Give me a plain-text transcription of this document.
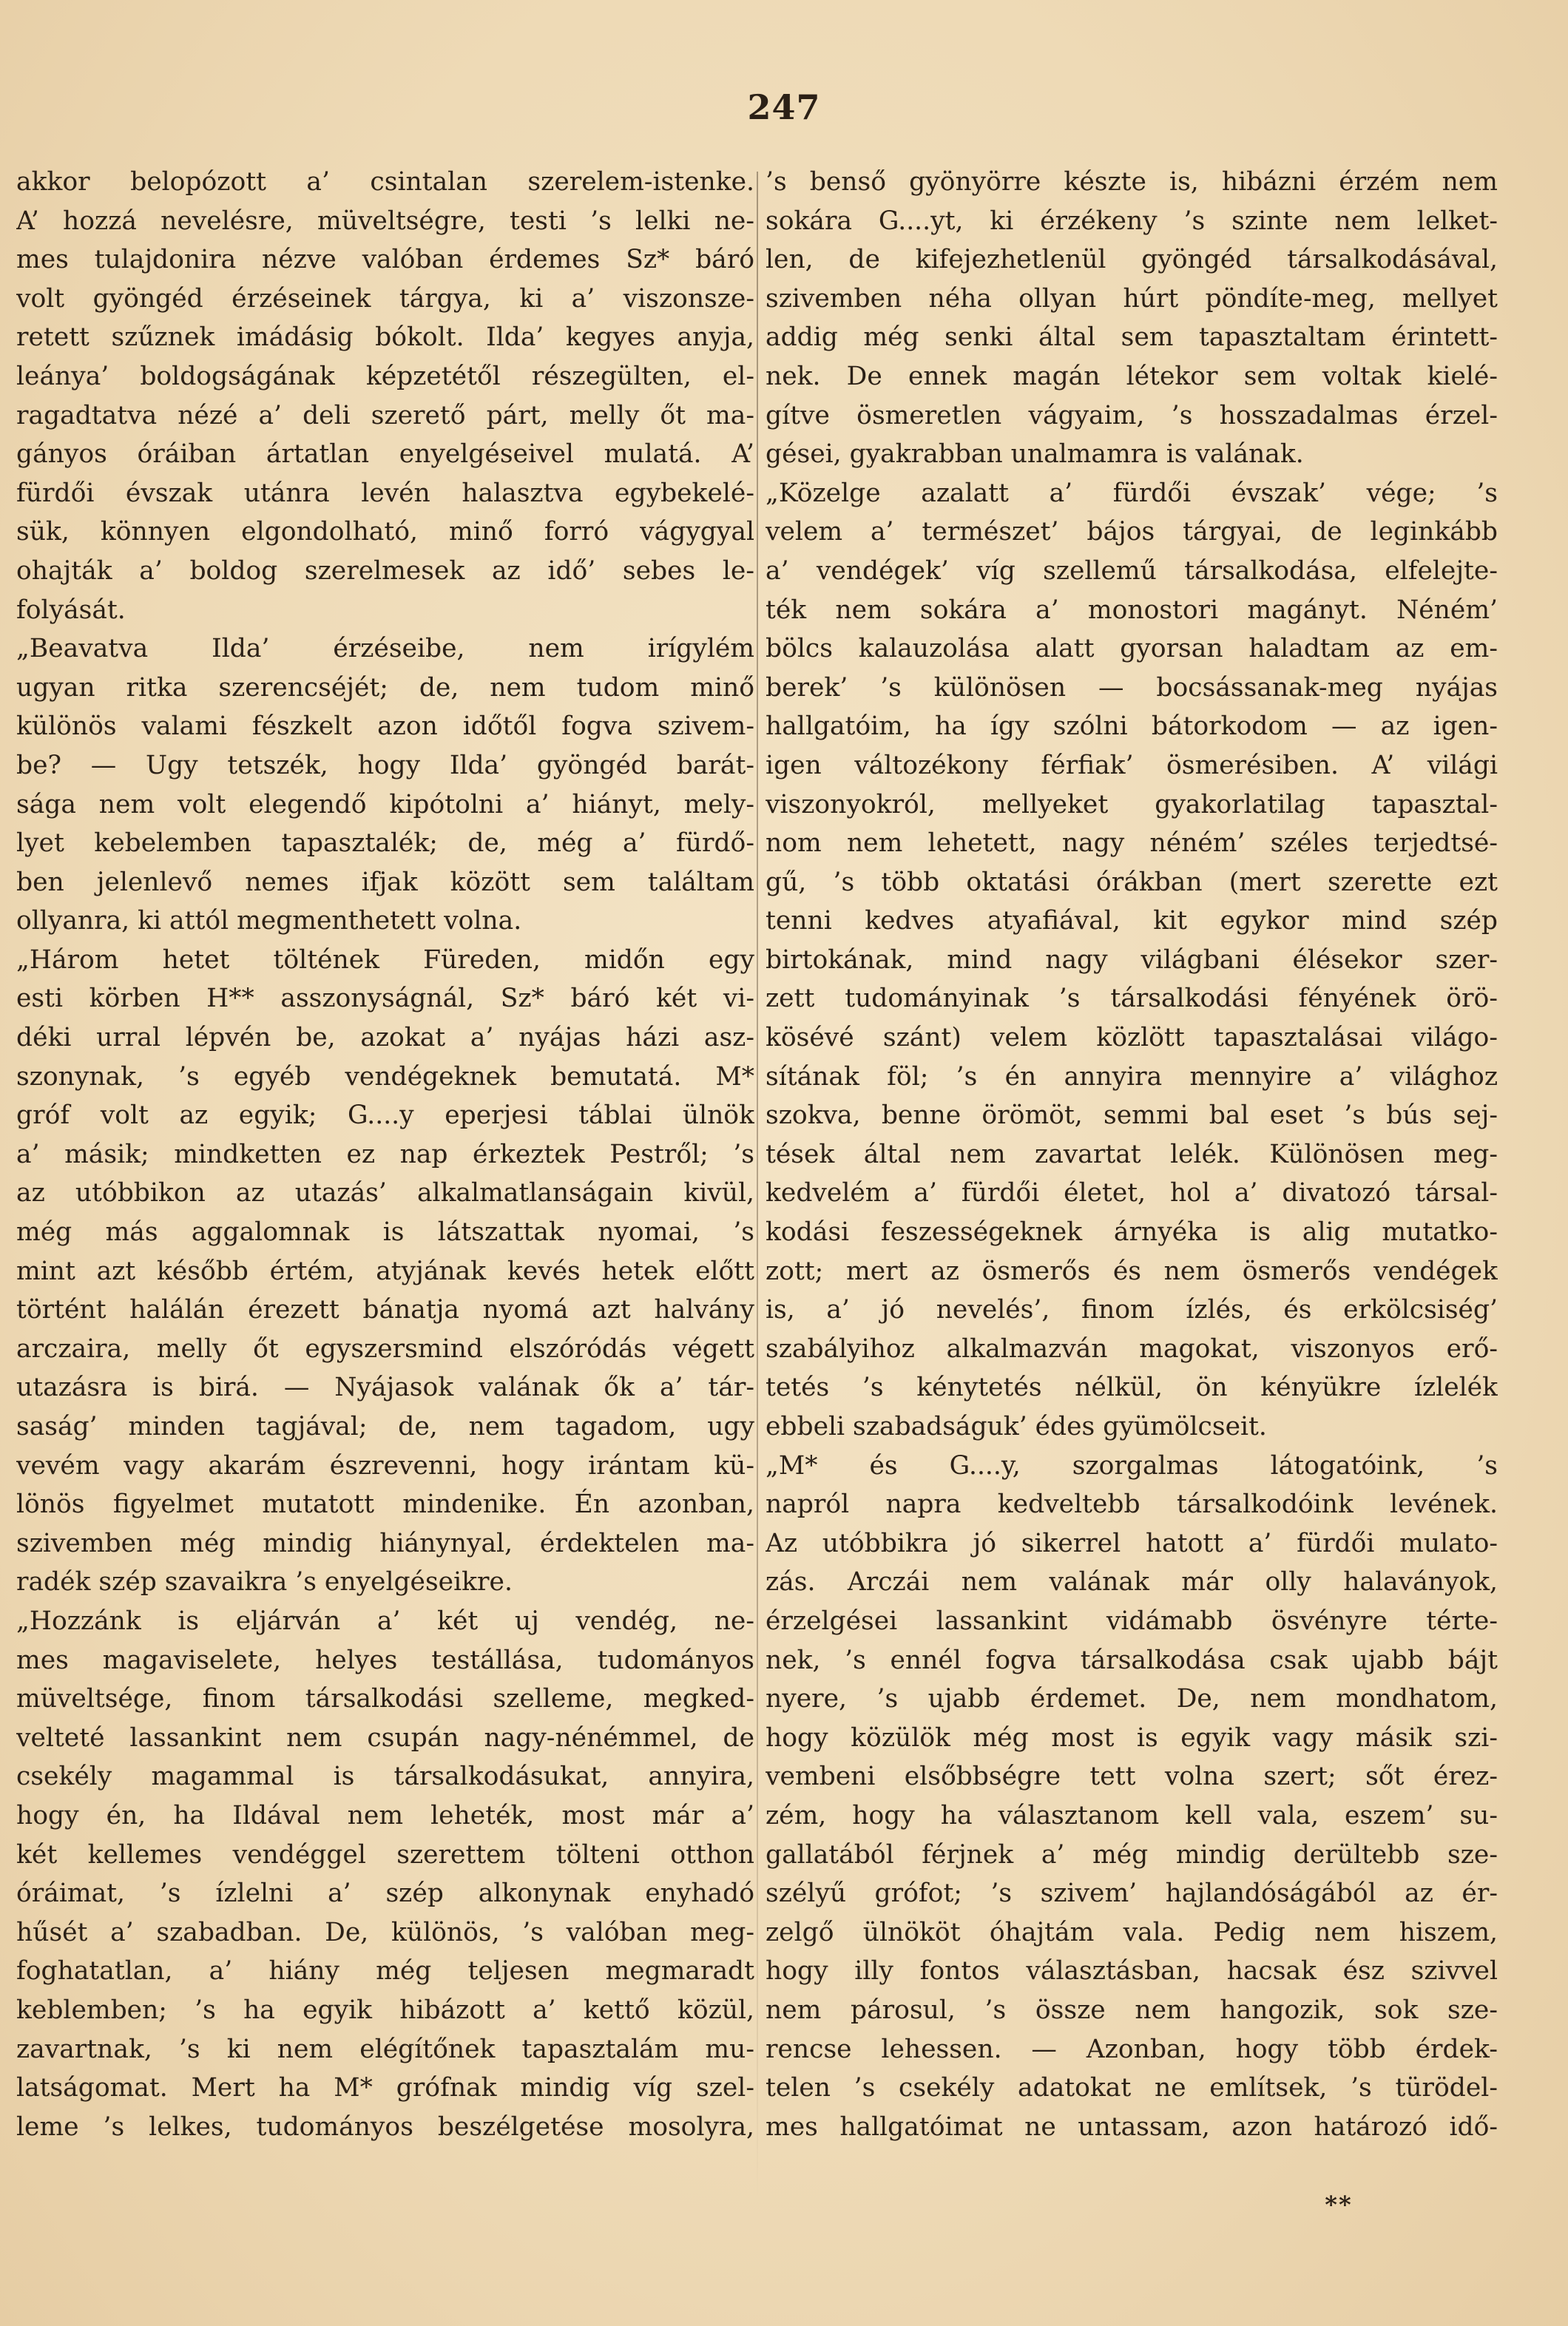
247
akkor belopózott a’ csintalan szerelem-istenke.
A’ hozzá nevelésre, müveltségre, testi ’s lelki ne-
mes tulajdonira nézve valóban érdemes Sz* báró
volt gyöngéd érzéseinek tárgya, ki a’ viszonsze-
retett szűznek imádásig bókolt. Ilda’ kegyes anyja,
leánya’ boldogságának képzetétől részegülten, el-
ragadtatva nézé a’ deli szerető párt, melly őt ma-
gányos óráiban ártatlan enyelgéseivel mulatá. A’
fürdői évszak utánra levén halasztva egybekelé-
sük, könnyen elgondolható, minő forró vágygyal
ohajták a’ boldog szerelmesek az idő’ sebes le-
folyását.
„Beavatva Ilda’ érzéseibe, nem irígylém
ugyan ritka szerencséjét; de, nem tudom minő
különös valami fészkelt azon időtől fogva szivem-
be? — Ugy tetszék, hogy Ilda’ gyöngéd barát-
sága nem volt elegendő kipótolni a’ hiányt, mely-
lyet kebelemben tapasztalék; de, még a’ fürdő-
ben jelenlevő nemes ifjak között sem találtam
ollyanra, ki attól megmenthetett volna.
„Három hetet töltének Füreden, midőn egy
esti körben H** asszonyságnál, Sz* báró két vi-
déki urral lépvén be, azokat a’ nyájas házi asz-
szonynak, ’s egyéb vendégeknek bemutatá. M*
gróf volt az egyik; G....y eperjesi táblai ülnök
a’ másik; mindketten ez nap érkeztek Pestről; ’s
az utóbbikon az utazás’ alkalmatlanságain kivül,
még más aggalomnak is látszattak nyomai, ’s
mint azt később értém, atyjának kevés hetek előtt
történt halálán érezett bánatja nyomá azt halvány
arczaira, melly őt egyszersmind elszóródás végett
utazásra is birá. — Nyájasok valának ők a’ tár-
saság’ minden tagjával; de, nem tagadom, ugy
vevém vagy akarám észrevenni, hogy irántam kü-
lönös figyelmet mutatott mindenike. Én azonban,
szivemben még mindig hiánynyal, érdektelen ma-
radék szép szavaikra ’s enyelgéseikre.
„Hozzánk is eljárván a’ két uj vendég, ne-
mes magaviselete, helyes testállása, tudományos
müveltsége, finom társalkodási szelleme, megked-
velteté lassankint nem csupán nagy-nénémmel, de
csekély magammal is társalkodásukat, annyira,
hogy én, ha Ildával nem leheték, most már a’
két kellemes vendéggel szerettem tölteni otthon
óráimat, ’s ízlelni a’ szép alkonynak enyhadó
hűsét a’ szabadban. De, különös, ’s valóban meg-
foghatatlan, a’ hiány még teljesen megmaradt
keblemben; ’s ha egyik hibázott a’ kettő közül,
zavartnak, ’s ki nem elégítőnek tapasztalám mu-
latságomat. Mert ha M* grófnak mindig víg szel-
leme ’s lelkes, tudományos beszélgetése mosolyra,
’s benső gyönyörre késztе is, hibázni érzém nem
sokára G....yt, ki érzékeny ’s szinte nem lelket-
len, de kifejezhetlenül gyöngéd társalkodásával,
szivemben néha ollyan húrt pöndíte-meg, mellyet
addig még senki által sem tapasztaltam érintett-
nek. De ennek magán létekor sem voltak kielé-
gítve ösmeretlen vágyaim, ’s hosszadalmas érzel-
gései, gyakrabban unalmamra is valának.
„Közelge azalatt a’ fürdői évszak’ vége; ’s
velem a’ természet’ bájos tárgyai, de leginkább
a’ vendégek’ víg szellemű társalkodása, elfelejte-
ték nem sokára a’ monostori magányt. Néném’
bölcs kalauzolása alatt gyorsan haladtam az em-
berek’ ’s különösen — bocsássanak-meg nyájas
hallgatóim, ha így szólni bátorkodom — az igen-
igen változékony férfiak’ ösmerésiben. A’ világi
viszonyokról, mellyeket gyakorlatilag tapasztal-
nom nem lehetett, nagy néném’ széles terjedtsé-
gű, ’s több oktatási órákban (mert szerette ezt
tenni kedves atyafiával, kit egykor mind szép
birtokának, mind nagy világbani élésekor szer-
zett tudományinak ’s társalkodási fényének örö-
kösévé szánt) velem közlött tapasztalásai világo-
sítának föl; ’s én annyira mennyire a’ világhoz
szokva, benne örömöt, semmi bal eset ’s bús sej-
tések által nem zavartat lelék. Különösen meg-
kedvelém a’ fürdői életet, hol a’ divatozó társal-
kodási feszességeknek árnyéka is alig mutatko-
zott; mert az ösmerős és nem ösmerős vendégek
is, a’ jó nevelés’, finom ízlés, és erkölcsiség’
szabályihoz alkalmazván magokat, viszonyos erő-
tetés ’s kénytetés nélkül, ön kényükre ízlelék
ebbeli szabadságuk’ édes gyümölcseit.
„M* és G....y, szorgalmas látogatóink, ’s
napról napra kedveltebb társalkodóink levének.
Az utóbbikra jó sikerrel hatott a’ fürdői mulato-
zás. Arczái nem valának már olly halaványok,
érzelgései lassankint vidámabb ösvényre térte-
nek, ’s ennél fogva társalkodása csak ujabb bájt
nyere, ’s ujabb érdemet. De, nem mondhatom,
hogy közülök még most is egyik vagy másik szi-
vembeni elsőbbségre tett volna szert; sőt érez-
zém, hogy ha választanom kell vala, eszem’ su-
gallatából férjnek a’ még mindig derültebb sze-
szélyű grófot; ’s szivem’ hajlandóságából az ér-
zelgő ülnököt óhajtám vala. Pedig nem hiszem,
hogy illy fontos választásban, hacsak ész szivvel
nem párosul, ’s össze nem hangozik, sok sze-
rencse lehessen. — Azonban, hogy több érdek-
telen ’s csekély adatokat ne említsek, ’s türödel-
mes hallgatóimat ne untassam, azon határozó idő-
**
